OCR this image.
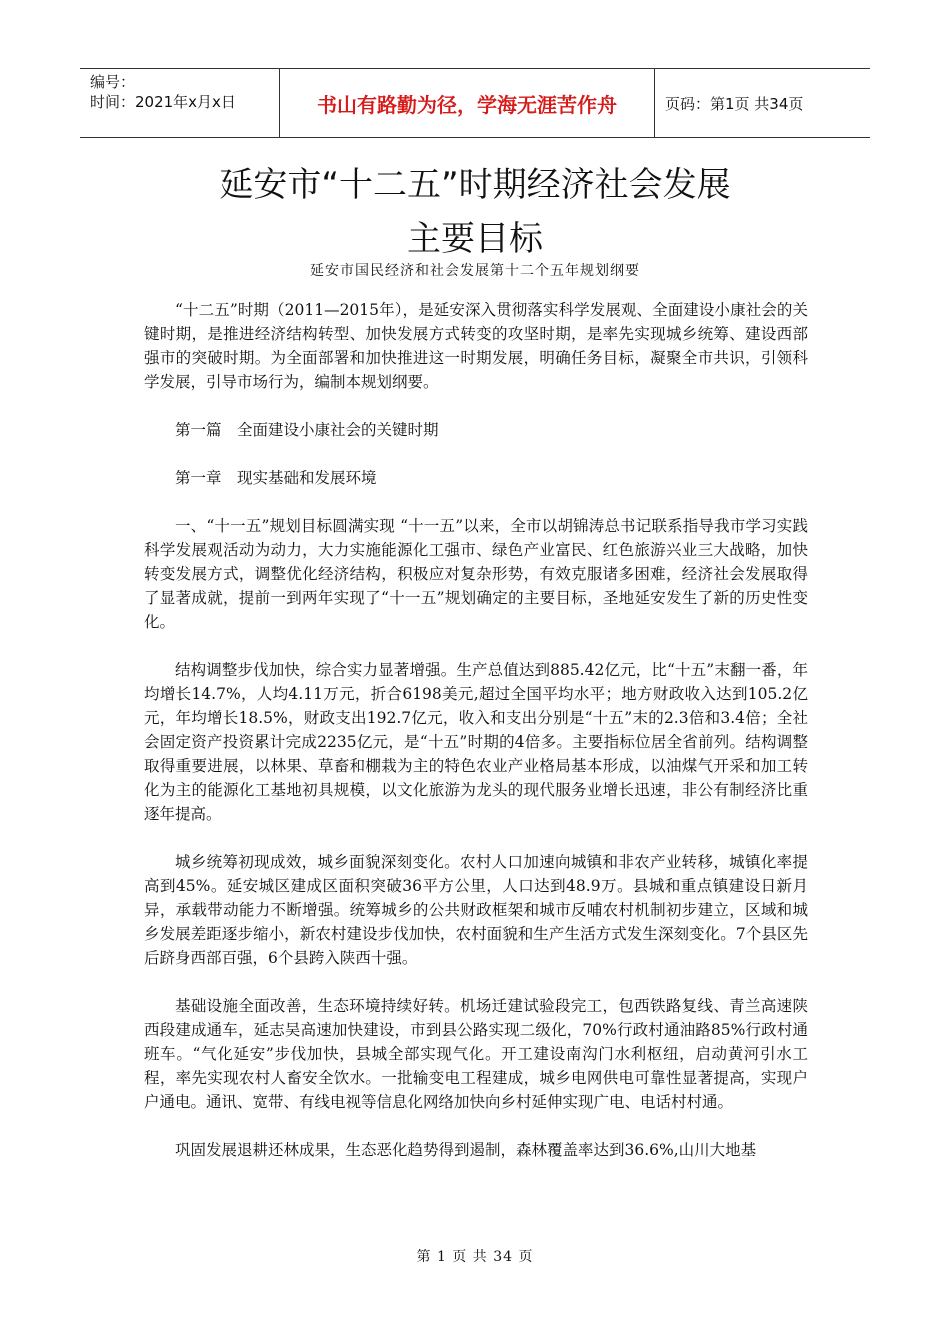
编号：
时间：2021年x月x日	书山有路勤为径，学海无涯苦作舟	页码：第1页 共34页
延安市“十二五”时期经济社会发展
主要目标
延安市国民经济和社会发展第十二个五年规划纲要

“十二五”时期（2011—2015年），是延安深入贯彻落实科学发展观、全面建设小康社会的关键时期，是推进经济结构转型、加快发展方式转变的攻坚时期，是率先实现城乡统筹、建设西部强市的突破时期。为全面部署和加快推进这一时期发展，明确任务目标，凝聚全市共识，引领科学发展，引导市场行为，编制本规划纲要。

第一篇　全面建设小康社会的关键时期

第一章　现实基础和发展环境

一、“十一五”规划目标圆满实现 “十一五”以来，全市以胡锦涛总书记联系指导我市学习实践科学发展观活动为动力，大力实施能源化工强市、绿色产业富民、红色旅游兴业三大战略，加快转变发展方式，调整优化经济结构，积极应对复杂形势，有效克服诸多困难，经济社会发展取得了显著成就，提前一到两年实现了“十一五”规划确定的主要目标，圣地延安发生了新的历史性变化。

结构调整步伐加快，综合实力显著增强。生产总值达到885.42亿元，比“十五”末翻一番，年均增长14.7%，人均4.11万元，折合6198美元,超过全国平均水平；地方财政收入达到105.2亿元，年均增长18.5%，财政支出192.7亿元，收入和支出分别是“十五”末的2.3倍和3.4倍；全社会固定资产投资累计完成2235亿元，是“十五”时期的4倍多。主要指标位居全省前列。结构调整取得重要进展，以林果、草畜和棚栽为主的特色农业产业格局基本形成，以油煤气开采和加工转化为主的能源化工基地初具规模，以文化旅游为龙头的现代服务业增长迅速，非公有制经济比重逐年提高。

城乡统筹初现成效，城乡面貌深刻变化。农村人口加速向城镇和非农产业转移，城镇化率提高到45%。延安城区建成区面积突破36平方公里，人口达到48.9万。县城和重点镇建设日新月异，承载带动能力不断增强。统筹城乡的公共财政框架和城市反哺农村机制初步建立，区域和城乡发展差距逐步缩小，新农村建设步伐加快，农村面貌和生产生活方式发生深刻变化。7个县区先后跻身西部百强，6个县跨入陕西十强。

基础设施全面改善，生态环境持续好转。机场迁建试验段完工，包西铁路复线、青兰高速陕西段建成通车，延志吴高速加快建设，市到县公路实现二级化，70%行政村通油路85%行政村通班车。“气化延安”步伐加快，县城全部实现气化。开工建设南沟门水利枢纽，启动黄河引水工程，率先实现农村人畜安全饮水。一批输变电工程建成，城乡电网供电可靠性显著提高，实现户户通电。通讯、宽带、有线电视等信息化网络加快向乡村延伸实现广电、电话村村通。

巩固发展退耕还林成果，生态恶化趋势得到遏制，森林覆盖率达到36.6%,山川大地基

第 1 页 共 34 页
